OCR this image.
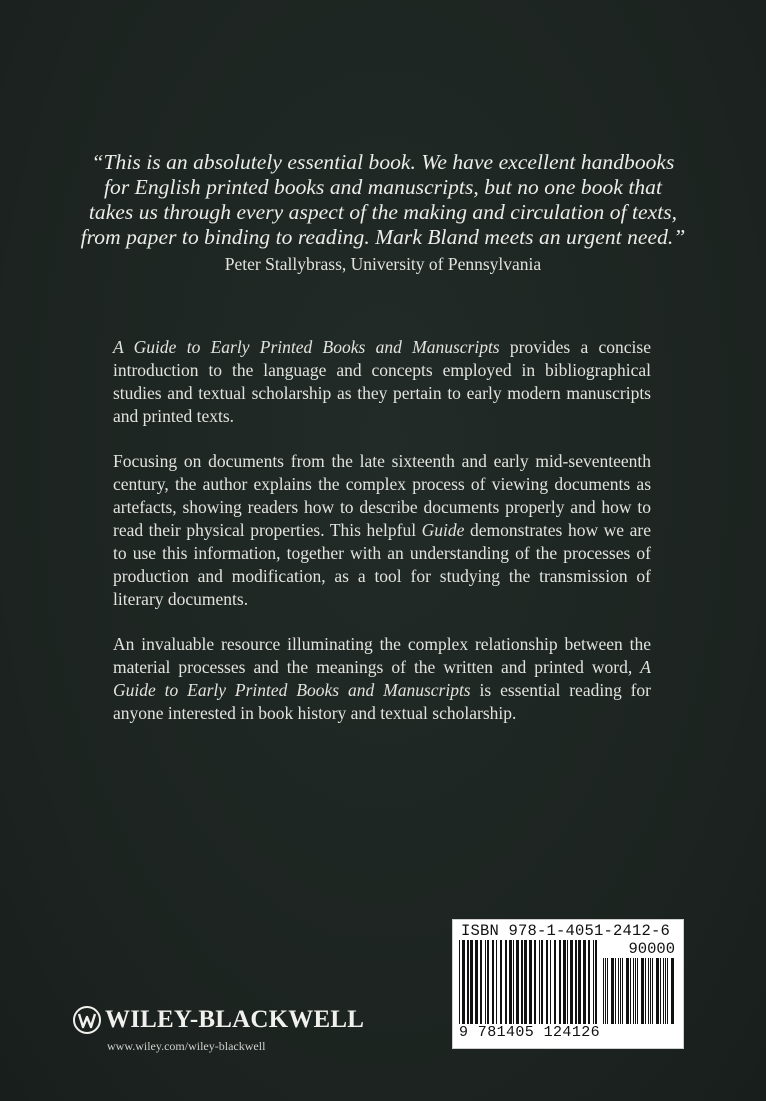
“This is an absolutely essential book. We have excellent handbooks for English printed books and manuscripts, but no one book that takes us through every aspect of the making and circulation of texts, from paper to binding to reading. Mark Bland meets an urgent need.”

Peter Stallybrass, University of Pennsylvania

A Guide to Early Printed Books and Manuscripts provides a concise introduction to the language and concepts employed in bibliographical studies and textual scholarship as they pertain to early modern manuscripts and printed texts.

Focusing on documents from the late sixteenth and early mid-seventeenth century, the author explains the complex process of viewing documents as artefacts, showing readers how to describe documents properly and how to read their physical properties. This helpful Guide demonstrates how we are to use this information, together with an understanding of the processes of production and modification, as a tool for studying the transmission of literary documents.

An invaluable resource illuminating the complex relationship between the material processes and the meanings of the written and printed word, A Guide to Early Printed Books and Manuscripts is essential reading for anyone interested in book history and textual scholarship.

WILEY-BLACKWELL
www.wiley.com/wiley-blackwell
ISBN 978-1-4051-2412-6
90000
9 781405 124126
